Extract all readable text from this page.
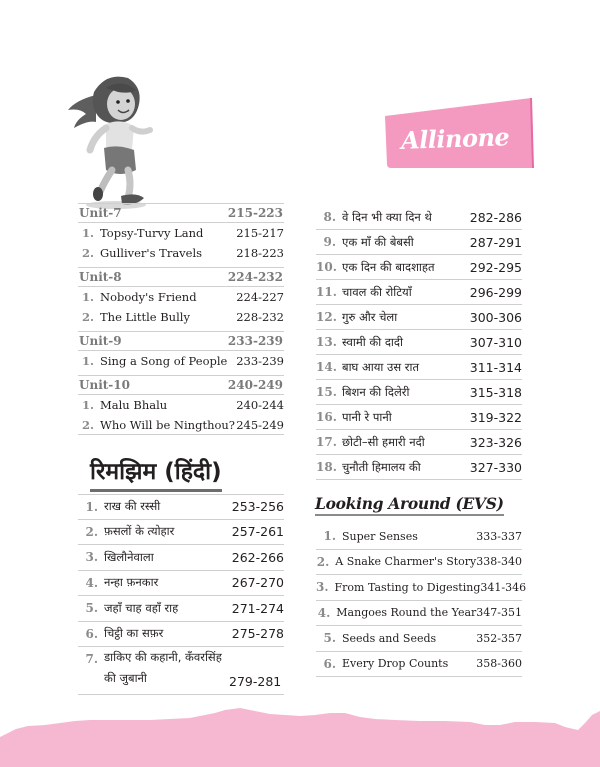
Allinone
Unit-7	215-223
1. Topsy-Turvy Land	215-217
2. Gulliver's Travels	218-223
Unit-8	224-232
1. Nobody's Friend	224-227
2. The Little Bully	228-232
Unit-9	233-239
1. Sing a Song of People 233-239
Unit-10	240-249
1. Malu Bhalu	240-244
2. Who Will be Ningthou? 245-249
रिमझिम (हिंदी)
1. राख की रस्सी	253-256
2. फ़सलों के त्योहार	257-261
3. खिलौनेवाला	262-266
4. नन्हा फ़नकार	267-270
5. जहाँ चाह वहाँ राह	271-274
6. चिट्ठी का सफ़र	275-278
7. डाकिए की कहानी, कँवरसिंह की जुबानी	279-281
8. वे दिन भी क्या दिन थे	282-286
9. एक माँ की बेबसी	287-291
10. एक दिन की बादशाहत	292-295
11. चावल की रोटियाँ	296-299
12. गुरु और चेला	300-306
13. स्वामी की दादी	307-310
14. बाघ आया उस रात	311-314
15. बिशन की दिलेरी	315-318
16. पानी रे पानी	319-322
17. छोटी–सी हमारी नदी	323-326
18. चुनौती हिमालय की	327-330
Looking Around (EVS)
1. Super Senses	333-337
2. A Snake Charmer's Story 338-340
3. From Tasting to Digesting 341-346
4. Mangoes Round the Year 347-351
5. Seeds and Seeds	352-357
6. Every Drop Counts	358-360
